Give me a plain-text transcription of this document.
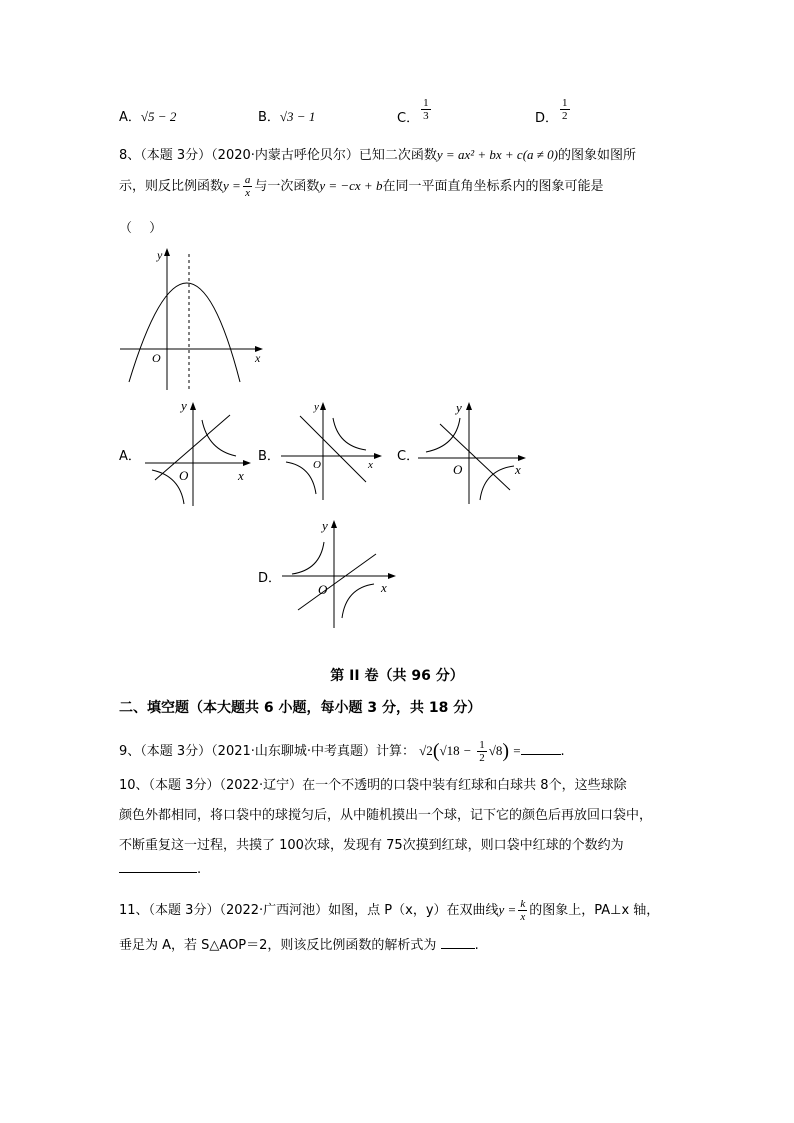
A．√5 − 2	B．√3 − 1	C． $\frac{1}{3}$	D． $\frac{1}{2}$
8、（本题 3分）（2020·内蒙古呼伦贝尔）已知二次函数y = ax² + bx + c(a ≠ 0)的图象如图所
示，则反比例函数$y = \frac{a}{x}$ 与一次函数y = −cx + b在同一平面直角坐标系内的图象可能是
（　 ）
y
x
O
A．
y
x
O
B．
y
x
O
C．
y
x
O
D．
y
x
O
第 II 卷（共 96 分）
二、填空题（本大题共 6 小题，每小题 3 分，共 18 分）
9、（本题 3分）（2021·山东聊城·中考真题）计算： $√2(√18 - \frac{1}{2} √8)$ =	.
10、（本题 3分）（2022·辽宁）在一个不透明的口袋中装有红球和白球共 8个，这些球除
颜色外都相同，将口袋中的球搅匀后，从中随机摸出一个球，记下它的颜色后再放回口袋中，
不断重复这一过程，共摸了 100次球，发现有 75次摸到红球，则口袋中红球的个数约为
.
11、（本题 3分）（2022·广西河池）如图，点 P（x，y）在双曲线$y = \frac{k}{x}$ 的图象上，PA⊥x 轴，
垂足为 A，若 S△AOP＝2，则该反比例函数的解析式为	.
